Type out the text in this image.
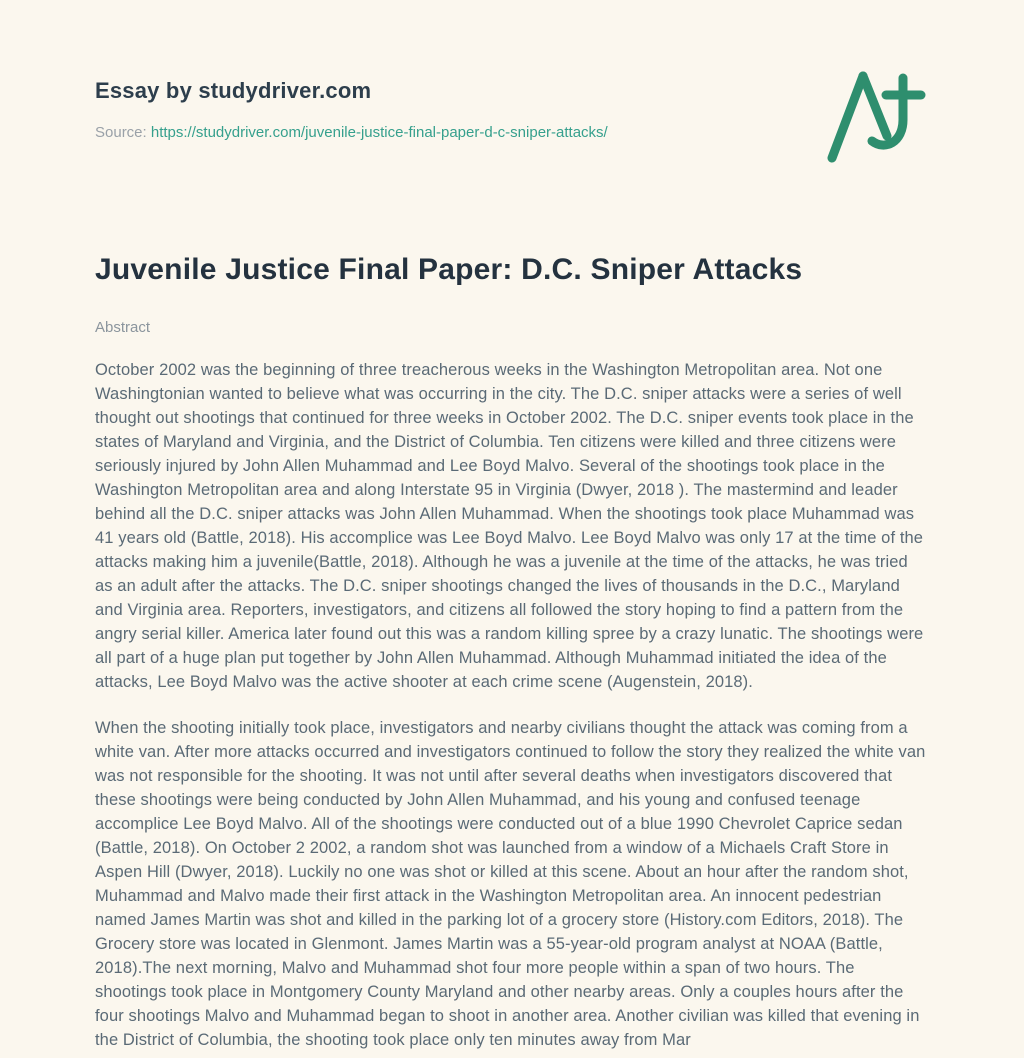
Essay by studydriver.com
Source: https://studydriver.com/juvenile-justice-final-paper-d-c-sniper-attacks/
Juvenile Justice Final Paper: D.C. Sniper Attacks
Abstract

October 2002 was the beginning of three treacherous weeks in the Washington Metropolitan area. Not one Washingtonian wanted to believe what was occurring in the city. The D.C. sniper attacks were a series of well thought out shootings that continued for three weeks in October 2002. The D.C. sniper events took place in the states of Maryland and Virginia, and the District of Columbia. Ten citizens were killed and three citizens were seriously injured by John Allen Muhammad and Lee Boyd Malvo. Several of the shootings took place in the Washington Metropolitan area and along Interstate 95 in Virginia (Dwyer, 2018 ). The mastermind and leader behind all the D.C. sniper attacks was John Allen Muhammad. When the shootings took place Muhammad was 41 years old (Battle, 2018). His accomplice was Lee Boyd Malvo. Lee Boyd Malvo was only 17 at the time of the attacks making him a juvenile(Battle, 2018). Although he was a juvenile at the time of the attacks, he was tried as an adult after the attacks. The D.C. sniper shootings changed the lives of thousands in the D.C., Maryland and Virginia area. Reporters, investigators, and citizens all followed the story hoping to find a pattern from the angry serial killer. America later found out this was a random killing spree by a crazy lunatic. The shootings were all part of a huge plan put together by John Allen Muhammad. Although Muhammad initiated the idea of the attacks, Lee Boyd Malvo was the active shooter at each crime scene (Augenstein, 2018).

When the shooting initially took place, investigators and nearby civilians thought the attack was coming from a white van. After more attacks occurred and investigators continued to follow the story they realized the white van was not responsible for the shooting. It was not until after several deaths when investigators discovered that these shootings were being conducted by John Allen Muhammad, and his young and confused teenage accomplice Lee Boyd Malvo. All of the shootings were conducted out of a blue 1990 Chevrolet Caprice sedan (Battle, 2018). On October 2 2002, a random shot was launched from a window of a Michaels Craft Store in Aspen Hill (Dwyer, 2018). Luckily no one was shot or killed at this scene. About an hour after the random shot, Muhammad and Malvo made their first attack in the Washington Metropolitan area. An innocent pedestrian named James Martin was shot and killed in the parking lot of a grocery store (History.com Editors, 2018). The Grocery store was located in Glenmont. James Martin was a 55-year-old program analyst at NOAA (Battle, 2018).The next morning, Malvo and Muhammad shot four more people within a span of two hours. The shootings took place in Montgomery County Maryland and other nearby areas. Only a couples hours after the four shootings Malvo and Muhammad began to shoot in another area. Another civilian was killed that evening in the District of Columbia, the shooting took place only ten minutes away from Mar
